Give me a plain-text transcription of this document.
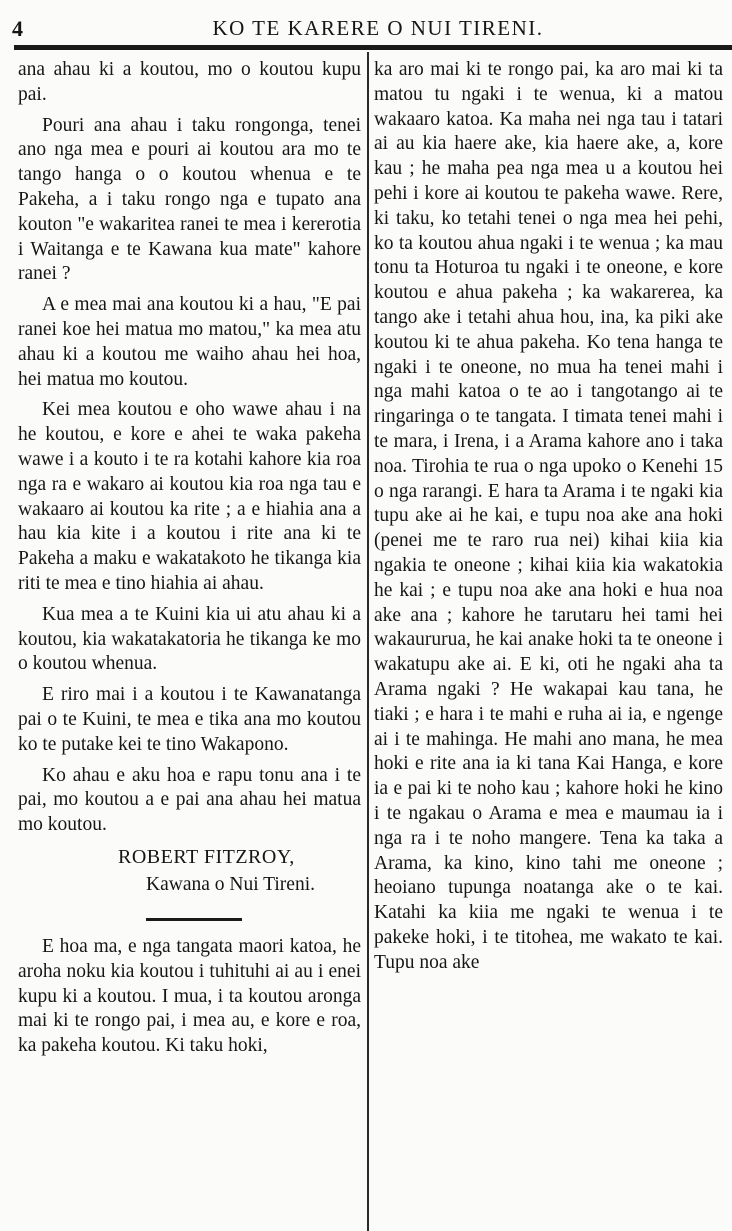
4	KO TE KARERE O NUI TIRENI.

ana ahau ki a koutou, mo o koutou kupu pai.

Pouri ana ahau i taku rongonga, tenei ano nga mea e pouri ai koutou ara mo te tango hanga o o koutou whenua e te Pakeha, a i taku rongo nga e tupato ana kouton "e wakaritea ranei te mea i kererotia i Waitanga e te Kawana kua mate" kahore ranei ?

A e mea mai ana koutou ki a hau, "E pai ranei koe hei matua mo matou," ka mea atu ahau ki a koutou me waiho ahau hei hoa, hei matua mo koutou.

Kei mea koutou e oho wawe ahau i na he koutou, e kore e ahei te waka pakeha wawe i a kouto i te ra kotahi kahore kia roa nga ra e wakaro ai koutou kia roa nga tau e wakaaro ai koutou ka rite ; a e hiahia ana a hau kia kite i a koutou i rite ana ki te Pakeha a maku e wakatakoto he tikanga kia riti te mea e tino hiahia ai ahau.

Kua mea a te Kuini kia ui atu ahau ki a koutou, kia wakatakatoria he tikanga ke mo o koutou whenua.

E riro mai i a koutou i te Kawanatanga pai o te Kuini, te mea e tika ana mo koutou ko te putake kei te tino Wakapono.

Ko ahau e aku hoa e rapu tonu ana i te pai, mo koutou a e pai ana ahau hei matua mo koutou.

ROBERT FITZROY,
Kawana o Nui Tireni.

E hoa ma, e nga tangata maori katoa, he aroha noku kia koutou i tuhituhi ai au i enei kupu ki a koutou. I mua, i ta koutou aronga mai ki te rongo pai, i mea au, e kore e roa, ka pakeha koutou. Ki taku hoki,

ka aro mai ki te rongo pai, ka aro mai ki ta matou tu ngaki i te wenua, ki a matou wakaaro katoa. Ka maha nei nga tau i tatari ai au kia haere ake, kia haere ake, a, kore kau ; he maha pea nga mea u a koutou hei pehi i kore ai koutou te pakeha wawe. Rere, ki taku, ko tetahi tenei o nga mea hei pehi, ko ta koutou ahua ngaki i te wenua ; ka mau tonu ta Hoturoa tu ngaki i te oneone, e kore koutou e ahua pakeha ; ka wakarerea, ka tango ake i tetahi ahua hou, ina, ka piki ake koutou ki te ahua pakeha. Ko tena hanga te ngaki i te oneone, no mua ha tenei mahi i nga mahi katoa o te ao i tangotango ai te ringaringa o te tangata. I timata tenei mahi i te mara, i Irena, i a Arama kahore ano i taka noa. Tirohia te rua o nga upoko o Kenehi 15 o nga rarangi. E hara ta Arama i te ngaki kia tupu ake ai he kai, e tupu noa ake ana hoki (penei me te raro rua nei) kihai kiia kia ngakia te oneone ; kihai kiia kia wakatokia he kai ; e tupu noa ake ana hoki e hua noa ake ana ; kahore he tarutaru hei tami hei wakaururua, he kai anake hoki ta te oneone i wakatupu ake ai. E ki, oti he ngaki aha ta Arama ngaki ? He wakapai kau tana, he tiaki ; e hara i te mahi e ruha ai ia, e ngenge ai i te mahinga. He mahi ano mana, he mea hoki e rite ana ia ki tana Kai Hanga, e kore ia e pai ki te noho kau ; kahore hoki he kino i te ngakau o Arama e mea e maumau ia i nga ra i te noho mangere. Tena ka taka a Arama, ka kino, kino tahi me oneone ; heoiano tupunga noatanga ake o te kai. Katahi ka kiia me ngaki te wenua i te pakeke hoki, i te titohea, me wakato te kai. Tupu noa ake
